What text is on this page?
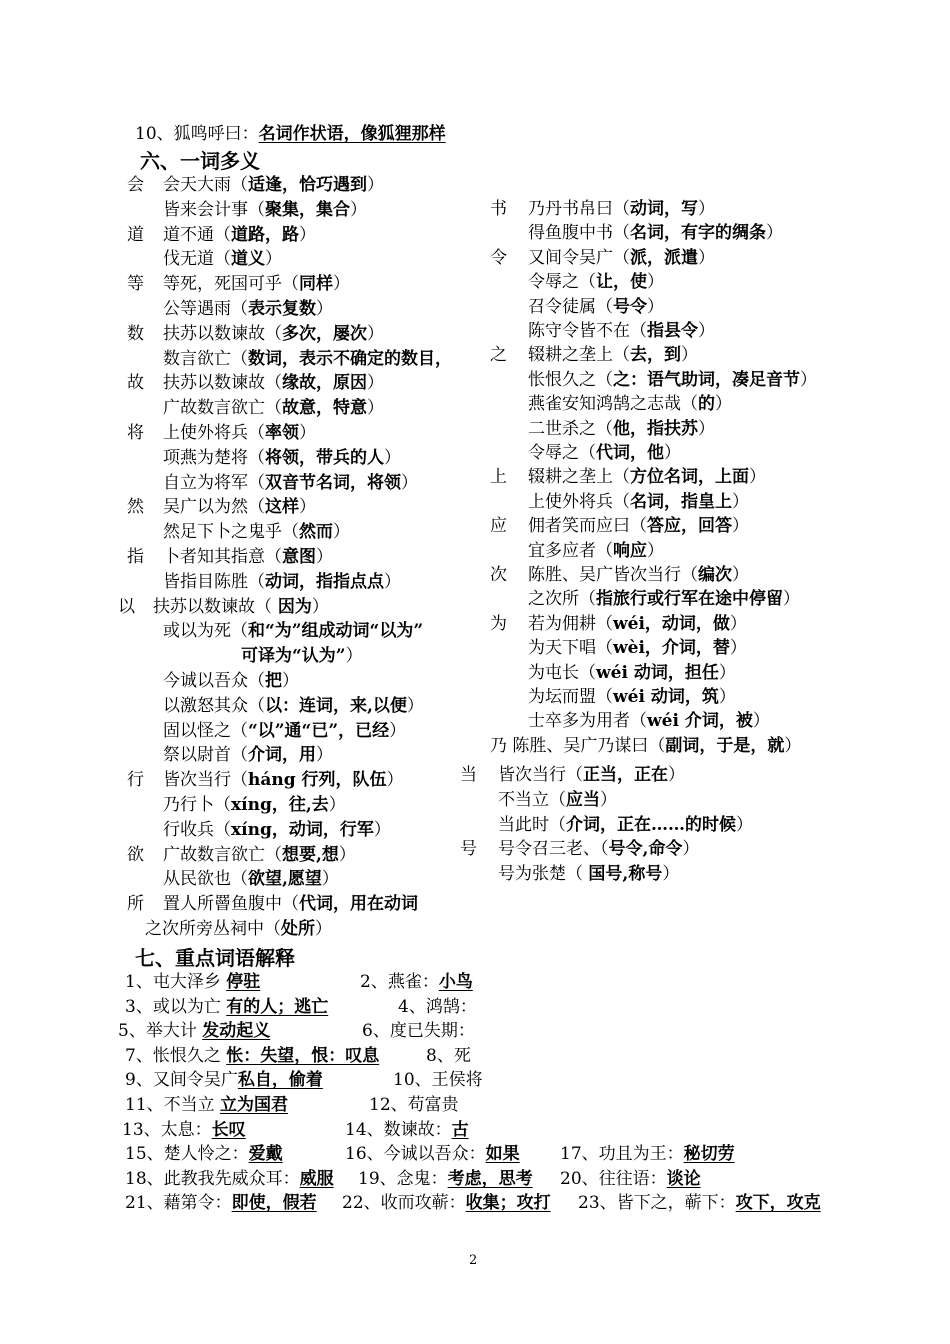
10、狐鸣呼曰：名词作状语，像狐狸那样
六、一词多义
会 会天大雨（适逢，恰巧遇到）
皆来会计事（聚集，集合）
道 道不通（道路，路）
伐无道（道义）
等 等死，死国可乎（同样）
公等遇雨（表示复数）
数 扶苏以数谏故（多次，屡次）
数言欲亡（数词，表示不确定的数目，
故 扶苏以数谏故（缘故，原因）
广故数言欲亡（故意，特意）
将 上使外将兵（率领）
项燕为楚将（将领，带兵的人）
自立为将军（双音节名词，将领）
然 吴广以为然（这样）
然足下卜之鬼乎（然而）
指 卜者知其指意（意图）
皆指目陈胜（动词，指指点点）
以 扶苏以数谏故（ 因为）
或以为死（和“为”组成动词“以为”
可译为“认为”）
今诚以吾众（把）
以激怒其众（以：连词，来,以便）
固以怪之（“以”通“已”，已经）
祭以尉首（介词，用）
行 皆次当行（háng 行列，队伍）
乃行卜（xíng，往,去）
行收兵（xíng，动词，行军）
欲 广故数言欲亡（想要,想）
从民欲也（欲望,愿望）
所 置人所罾鱼腹中（代词，用在动词
之次所旁丛祠中（处所）
书 乃丹书帛曰（动词，写）
得鱼腹中书（名词，有字的绸条）
令 又间令吴广（派，派遣）
令辱之（让，使）
召令徒属（号令）
陈守令皆不在（指县令）
之 辍耕之垄上（去，到）
怅恨久之（之：语气助词，凑足音节）
燕雀安知鸿鹄之志哉（的）
二世杀之（他，指扶苏）
令辱之（代词，他）
上 辍耕之垄上（方位名词，上面）
上使外将兵（名词，指皇上）
应 佣者笑而应曰（答应，回答）
宜多应者（响应）
次 陈胜、吴广皆次当行（编次）
之次所（指旅行或行军在途中停留）
为 若为佣耕（wéi，动词，做）
为天下唱（wèi，介词，替）
为屯长（wéi 动词，担任）
为坛而盟（wéi 动词，筑）
士卒多为用者（wéi 介词，被）
乃 陈胜、吴广乃谋曰（副词，于是，就）
当 皆次当行（正当，正在）
不当立（应当）
当此时（介词，正在……的时候）
号 号令召三老、（号令,命令）
号为张楚（ 国号,称号）
七、重点词语解释
1、屯大泽乡 停驻	2、燕雀：小鸟
3、或以为亡 有的人；逃亡	4、鸿鹄：
5、举大计 发动起义	6、度已失期：
7、怅恨久之 怅：失望，恨：叹息	8、死
9、又间令吴广私自，偷着	10、王侯将
11、不当立 立为国君	12、苟富贵
13、太息：长叹	14、数谏故：古
15、楚人怜之：爱戴	16、今诚以吾众：如果	17、功且为王：秘切劳
18、此教我先威众耳：威服	19、念鬼：考虑，思考	20、往往语：谈论
21、藉第令：即使，假若	22、收而攻蕲：收集；攻打	23、皆下之，蕲下：攻下，攻克
2
